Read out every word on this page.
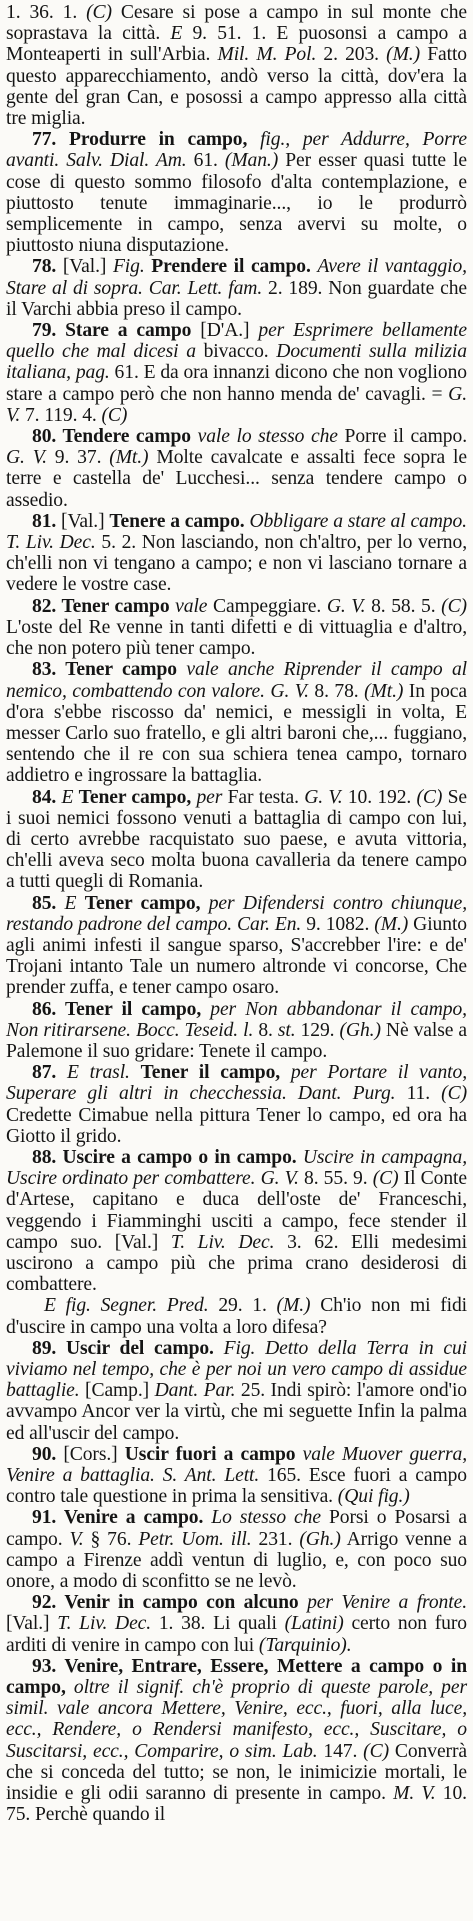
1. 36. 1. (C) Cesare si pose a campo in sul monte che soprastava la città. E 9. 51. 1. E puosonsi a campo a Monteaperti in sull'Arbia. Mil. M. Pol. 2. 203. (M.) Fatto questo apparecchiamento, andò verso la città, dov'era la gente del gran Can, e posossi a campo appresso alla città tre miglia.

77. Produrre in campo, fig., per Addurre, Porre avanti. Salv. Dial. Am. 61. (Man.) Per esser quasi tutte le cose di questo sommo filosofo d'alta contemplazione, e piuttosto tenute immaginarie..., io le produrrò semplicemente in campo, senza avervi su molte, o piuttosto niuna disputazione.

78. [Val.] Fig. Prendere il campo. Avere il vantaggio, Stare al di sopra. Car. Lett. fam. 2. 189. Non guardate che il Varchi abbia preso il campo.

79. Stare a campo [D'A.] per Esprimere bellamente quello che mal dicesi a bivacco. Documenti sulla milizia italiana, pag. 61. E da ora innanzi dicono che non vogliono stare a campo però che non hanno menda de' cavagli. = G. V. 7. 119. 4. (C)

80. Tendere campo vale lo stesso che Porre il campo. G. V. 9. 37. (Mt.) Molte cavalcate e assalti fece sopra le terre e castella de' Lucchesi... senza tendere campo o assedio.

81. [Val.] Tenere a campo. Obbligare a stare al campo. T. Liv. Dec. 5. 2. Non lasciando, non ch'altro, per lo verno, ch'elli non vi tengano a campo; e non vi lasciano tornare a vedere le vostre case.

82. Tener campo vale Campeggiare. G. V. 8. 58. 5. (C) L'oste del Re venne in tanti difetti e di vittuaglia e d'altro, che non potero più tener campo.

83. Tener campo vale anche Riprender il campo al nemico, combattendo con valore. G. V. 8. 78. (Mt.) In poca d'ora s'ebbe riscosso da' nemici, e messigli in volta, E messer Carlo suo fratello, e gli altri baroni che,... fuggiano, sentendo che il re con sua schiera tenea campo, tornaro addietro e ingrossare la battaglia.

84. E Tener campo, per Far testa. G. V. 10. 192. (C) Se i suoi nemici fossono venuti a battaglia di campo con lui, di certo avrebbe racquistato suo paese, e avuta vittoria, ch'elli aveva seco molta buona cavalleria da tenere campo a tutti quegli di Romania.

85. E Tener campo, per Difendersi contro chiunque, restando padrone del campo. Car. En. 9. 1082. (M.) Giunto agli animi infesti il sangue sparso, S'accrebber l'ire: e de' Trojani intanto Tale un numero altronde vi concorse, Che prender zuffa, e tener campo osaro.

86. Tener il campo, per Non abbandonar il campo, Non ritirarsene. Bocc. Teseid. l. 8. st. 129. (Gh.) Nè valse a Palemone il suo gridare: Tenete il campo.

87. E trasl. Tener il campo, per Portare il vanto, Superare gli altri in checchessia. Dant. Purg. 11. (C) Credette Cimabue nella pittura Tener lo campo, ed ora ha Giotto il grido.

88. Uscire a campo o in campo. Uscire in campagna, Uscire ordinato per combattere. G. V. 8. 55. 9. (C) Il Conte d'Artese, capitano e duca dell'oste de' Franceschi, veggendo i Fiamminghi usciti a campo, fece stender il campo suo. [Val.] T. Liv. Dec. 3. 62. Elli medesimi uscirono a campo più che prima crano desiderosi di combattere.

E fig. Segner. Pred. 29. 1. (M.) Ch'io non mi fidi d'uscire in campo una volta a loro difesa?

89. Uscir del campo. Fig. Detto della Terra in cui viviamo nel tempo, che è per noi un vero campo di assidue battaglie. [Camp.] Dant. Par. 25. Indi spirò: l'amore ond'io avvampo Ancor ver la virtù, che mi seguette Infin la palma ed all'uscir del campo.

90. [Cors.] Uscir fuori a campo vale Muover guerra, Venire a battaglia. S. Ant. Lett. 165. Esce fuori a campo contro tale questione in prima la sensitiva. (Qui fig.)

91. Venire a campo. Lo stesso che Porsi o Posarsi a campo. V. § 76. Petr. Uom. ill. 231. (Gh.) Arrigo venne a campo a Firenze addì ventun di luglio, e, con poco suo onore, a modo di sconfitto se ne levò.

92. Venir in campo con alcuno per Venire a fronte. [Val.] T. Liv. Dec. 1. 38. Li quali (Latini) certo non furo arditi di venire in campo con lui (Tarquinio).

93. Venire, Entrare, Essere, Mettere a campo o in campo, oltre il signif. ch'è proprio di queste parole, per simil. vale ancora Mettere, Venire, ecc., fuori, alla luce, ecc., Rendere, o Rendersi manifesto, ecc., Suscitare, o Suscitarsi, ecc., Comparire, o sim. Lab. 147. (C) Converrà che si conceda del tutto; se non, le inimicizie mortali, le insidie e gli odii saranno di presente in campo. M. V. 10. 75. Perchè quando il
